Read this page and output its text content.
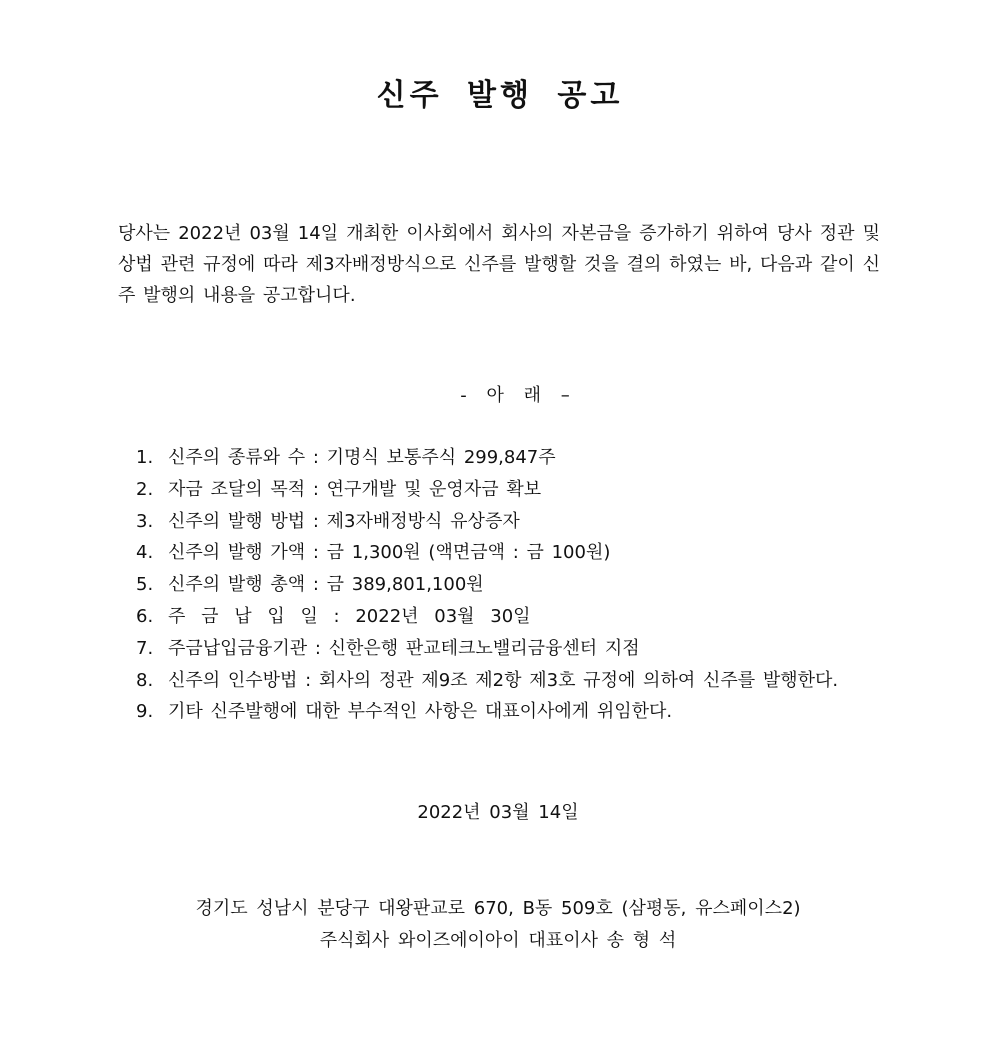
신주 발행 공고

당사는 2022년 03월 14일 개최한 이사회에서 회사의 자본금을 증가하기 위하여 당사 정관 및 상법 관련 규정에 따라 제3자배정방식으로 신주를 발행할 것을 결의 하였는 바, 다음과 같이 신주 발행의 내용을 공고합니다.

- 아 래 –

1. 신주의 종류와 수 : 기명식 보통주식 299,847주
2. 자금 조달의 목적 : 연구개발 및 운영자금 확보
3. 신주의 발행 방법 : 제3자배정방식 유상증자
4. 신주의 발행 가액 : 금 1,300원 (액면금액 : 금 100원)
5. 신주의 발행 총액 : 금 389,801,100원
6. 주 금 납 입 일 : 2022년 03월 30일
7. 주금납입금융기관 : 신한은행 판교테크노밸리금융센터 지점
8. 신주의 인수방법 : 회사의 정관 제9조 제2항 제3호 규정에 의하여 신주를 발행한다.
9. 기타 신주발행에 대한 부수적인 사항은 대표이사에게 위임한다.

2022년 03월 14일

경기도 성남시 분당구 대왕판교로 670, B동 509호 (삼평동, 유스페이스2)

주식회사 와이즈에이아이 대표이사 송 형 석
